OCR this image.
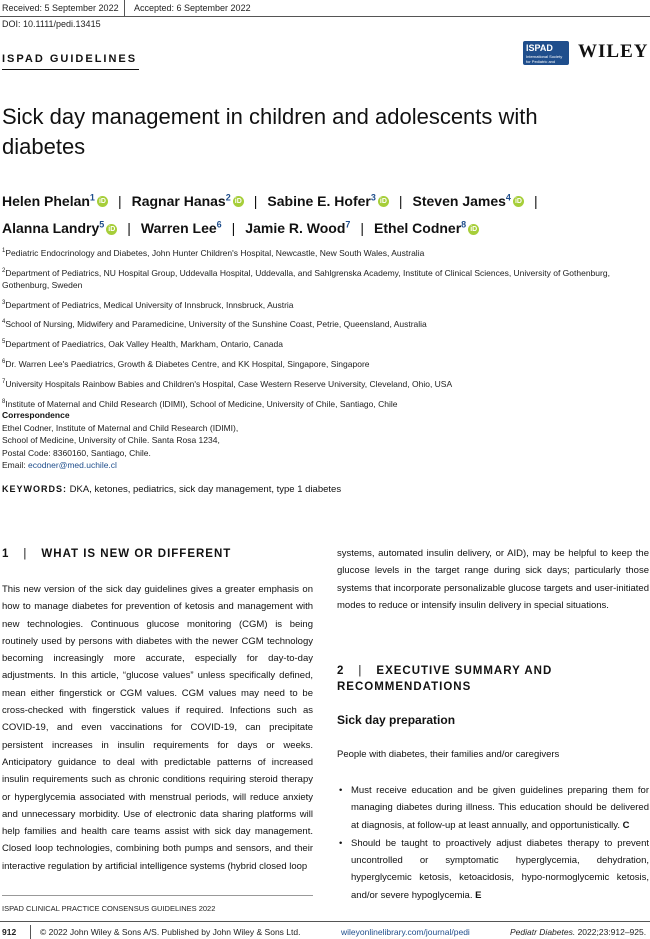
Received: 5 September 2022 Accepted: 6 September 2022
DOI: 10.1111/pedi.13415
ISPAD GUIDELINES
ISPAD
International Society for Pediatric and Adolescent Diabetes
WILEY
Sick day management in children and adolescents with diabetes
Helen Phelan$^1$ iD | Ragnar Hanas$^2$ iD | Sabine E. Hofer$^3$ iD | Steven James$^4$ iD |
Alanna Landry$^5$ iD | Warren Lee$^6$ | Jamie R. Wood$^7$ | Ethel Codner$^8$ iD
$^1$Pediatric Endocrinology and Diabetes, John Hunter Children's Hospital, Newcastle, New South Wales, Australia
$^2$Department of Pediatrics, NU Hospital Group, Uddevalla Hospital, Uddevalla, and Sahlgrenska Academy, Institute of Clinical Sciences, University of Gothenburg, Gothenburg, Sweden
$^3$Department of Pediatrics, Medical University of Innsbruck, Innsbruck, Austria
$^4$School of Nursing, Midwifery and Paramedicine, University of the Sunshine Coast, Petrie, Queensland, Australia
$^5$Department of Paediatrics, Oak Valley Health, Markham, Ontario, Canada
$^6$Dr. Warren Lee's Paediatrics, Growth & Diabetes Centre, and KK Hospital, Singapore, Singapore
$^7$University Hospitals Rainbow Babies and Children's Hospital, Case Western Reserve University, Cleveland, Ohio, USA
$^8$Institute of Maternal and Child Research (IDIMI), School of Medicine, University of Chile, Santiago, Chile
Correspondence
Ethel Codner, Institute of Maternal and Child Research (IDIMI),
School of Medicine, University of Chile. Santa Rosa 1234,
Postal Code: 8360160, Santiago, Chile.
Email: ecodner@med.uchile.cl
KEYWORDS: DKA, ketones, pediatrics, sick day management, type 1 diabetes
1 | WHAT IS NEW OR DIFFERENT

This new version of the sick day guidelines gives a greater emphasis on how to manage diabetes for prevention of ketosis and management with new technologies. Continuous glucose monitoring (CGM) is being routinely used by persons with diabetes with the newer CGM technology becoming increasingly more accurate, especially for day-to-day adjustments. In this article, “glucose values” unless specifically defined, mean either fingerstick or CGM values. CGM values may need to be cross-checked with fingerstick values if required. Infections such as COVID-19, and even vaccinations for COVID-19, can precipitate persistent increases in insulin requirements for days or weeks. Anticipatory guidance to deal with predictable patterns of increased insulin requirements such as chronic conditions requiring steroid therapy or hyperglycemia associated with menstrual periods, will reduce anxiety and unnecessary morbidity. Use of electronic data sharing platforms will help families and health care teams assist with sick day management. Closed loop technologies, combining both pumps and sensors, and their interactive regulation by artificial intelligence systems (hybrid closed loop

systems, automated insulin delivery, or AID), may be helpful to keep the glucose levels in the target range during sick days; particularly those systems that incorporate personalizable glucose targets and user-initiated modes to reduce or intensify insulin delivery in special situations.

2 | EXECUTIVE SUMMARY AND RECOMMENDATIONS
Sick day preparation

People with diabetes, their families and/or caregivers

• Must receive education and be given guidelines preparing them for managing diabetes during illness. This education should be delivered at diagnosis, at follow-up at least annually, and opportunistically. C
• Should be taught to proactively adjust diabetes therapy to prevent uncontrolled or symptomatic hyperglycemia, dehydration, hyperglycemic ketosis, ketoacidosis, hypo-normoglycemic ketosis, and/or severe hypoglycemia. E
ISPAD CLINICAL PRACTICE CONSENSUS GUIDELINES 2022
912	© 2022 John Wiley & Sons A/S. Published by John Wiley & Sons Ltd.	wileyonlinelibrary.com/journal/pedi	Pediatr Diabetes. 2022;23:912–925.
